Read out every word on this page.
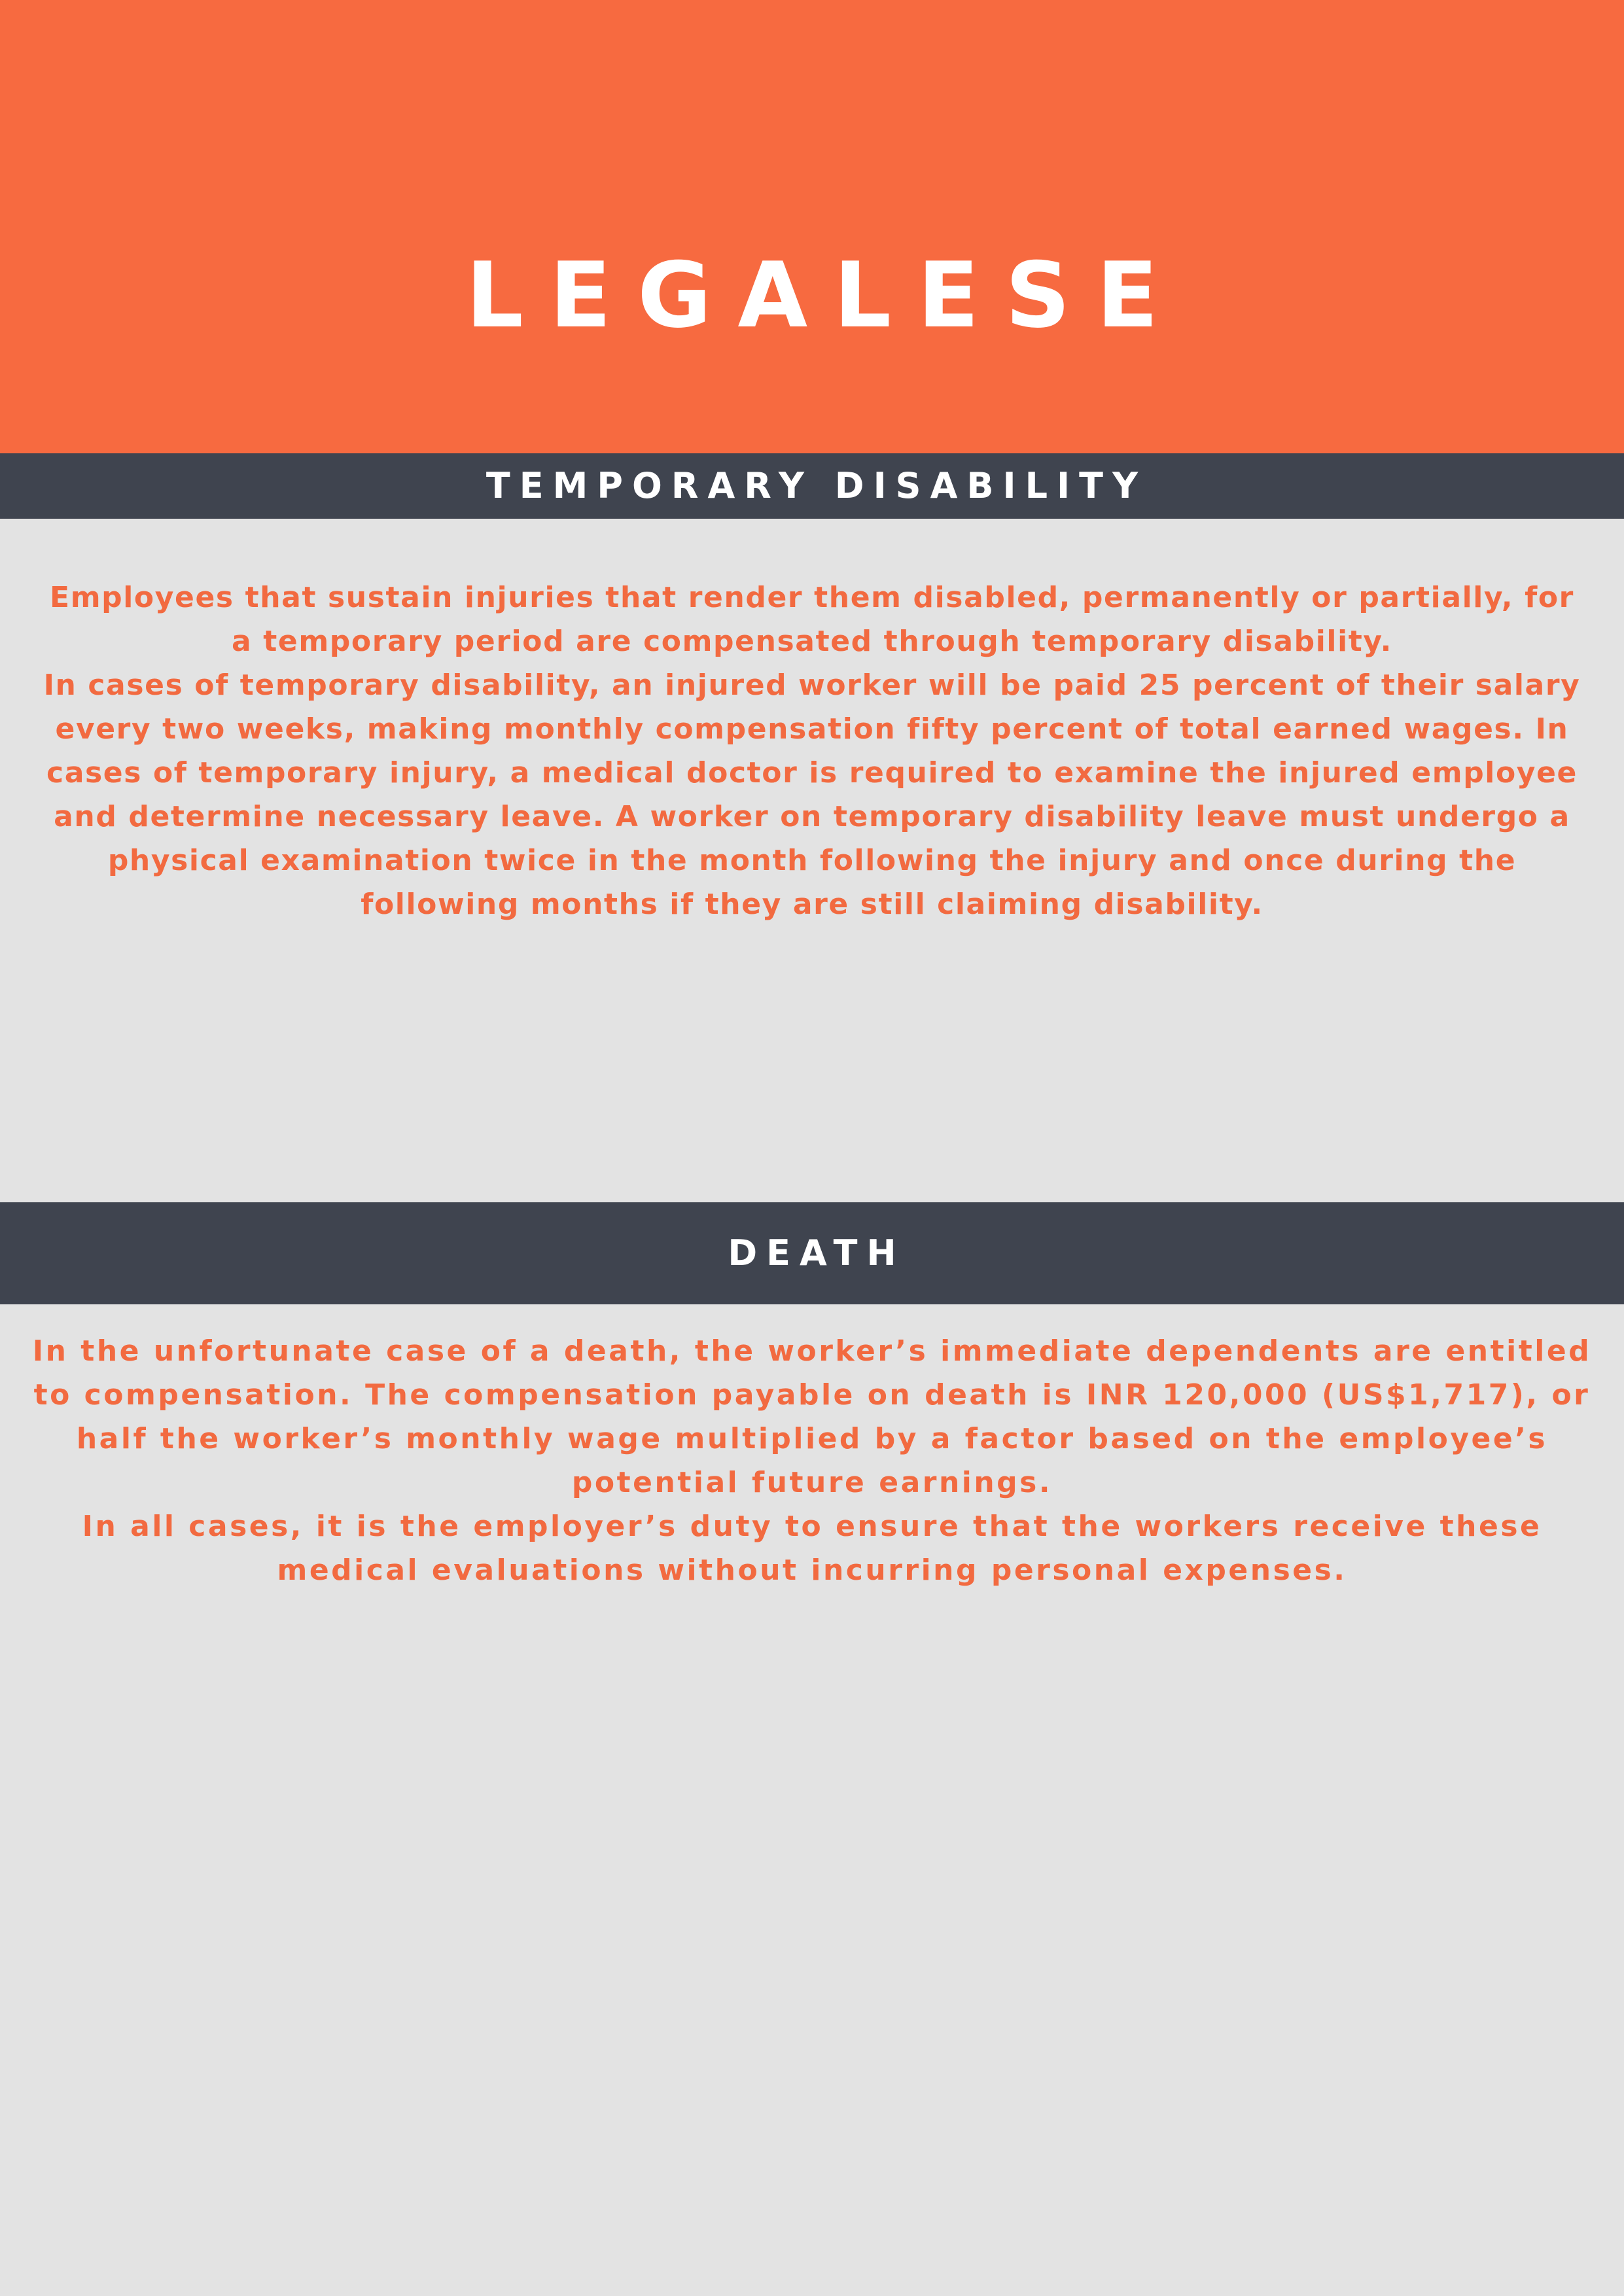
LEGALESE
TEMPORARY DISABILITY

Employees that sustain injuries that render them disabled, permanently or partially, for a temporary period are compensated through temporary disability.

In cases of temporary disability, an injured worker will be paid 25 percent of their salary every two weeks, making monthly compensation fifty percent of total earned wages. In cases of temporary injury, a medical doctor is required to examine the injured employee and determine necessary leave. A worker on temporary disability leave must undergo a physical examination twice in the month following the injury and once during the following months if they are still claiming disability.

DEATH

In the unfortunate case of a death, the worker’s immediate dependents are entitled to compensation. The compensation payable on death is INR 120,000 (US$1,717), or half the worker’s monthly wage multiplied by a factor based on the employee’s potential future earnings.

In all cases, it is the employer’s duty to ensure that the workers receive these medical evaluations without incurring personal expenses.
